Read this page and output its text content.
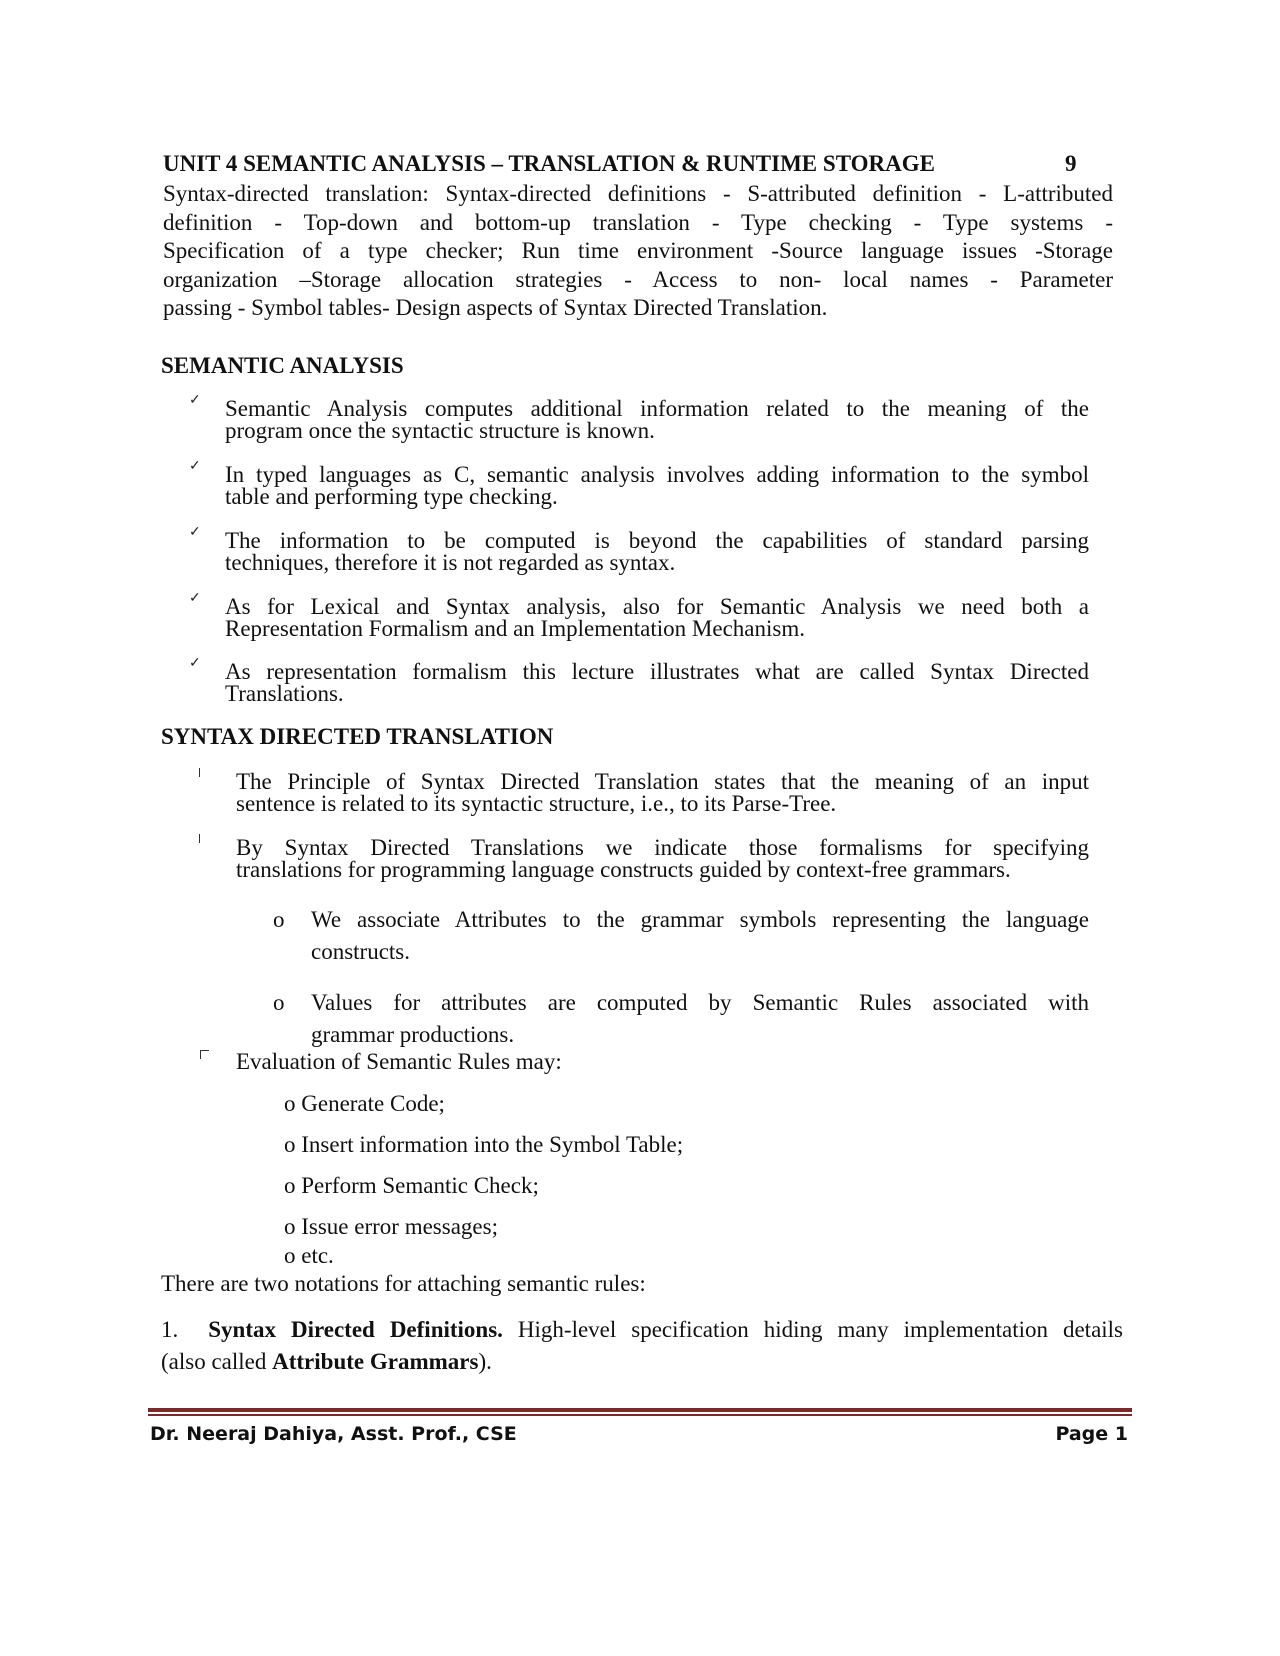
UNIT 4 SEMANTIC ANALYSIS – TRANSLATION & RUNTIME STORAGE	9
Syntax-directed translation: Syntax-directed definitions - S-attributed definition - L-attributed
definition - Top-down and bottom-up translation - Type checking - Type systems -
Specification of a type checker; Run time environment -Source language issues -Storage
organization –Storage allocation strategies - Access to non- local names - Parameter
passing - Symbol tables- Design aspects of Syntax Directed Translation.
SEMANTIC ANALYSIS
✓ Semantic Analysis computes additional information related to the meaning of the
program once the syntactic structure is known.
✓ In typed languages as C, semantic analysis involves adding information to the symbol
table and performing type checking.
✓ The information to be computed is beyond the capabilities of standard parsing
techniques, therefore it is not regarded as syntax.
✓ As for Lexical and Syntax analysis, also for Semantic Analysis we need both a
Representation Formalism and an Implementation Mechanism.
✓ As representation formalism this lecture illustrates what are called Syntax Directed
Translations.
SYNTAX DIRECTED TRANSLATION
The Principle of Syntax Directed Translation states that the meaning of an input
sentence is related to its syntactic structure, i.e., to its Parse-Tree.
By Syntax Directed Translations we indicate those formalisms for specifying
translations for programming language constructs guided by context-free grammars.
o We associate Attributes to the grammar symbols representing the language
constructs.
o Values for attributes are computed by Semantic Rules associated with
grammar productions.
Evaluation of Semantic Rules may:
o Generate Code;
o Insert information into the Symbol Table;
o Perform Semantic Check;
o Issue error messages;
o etc.
There are two notations for attaching semantic rules:
1. Syntax Directed Definitions. High-level specification hiding many implementation details
(also called Attribute Grammars).
Dr. Neeraj Dahiya, Asst. Prof., CSE	Page 1
